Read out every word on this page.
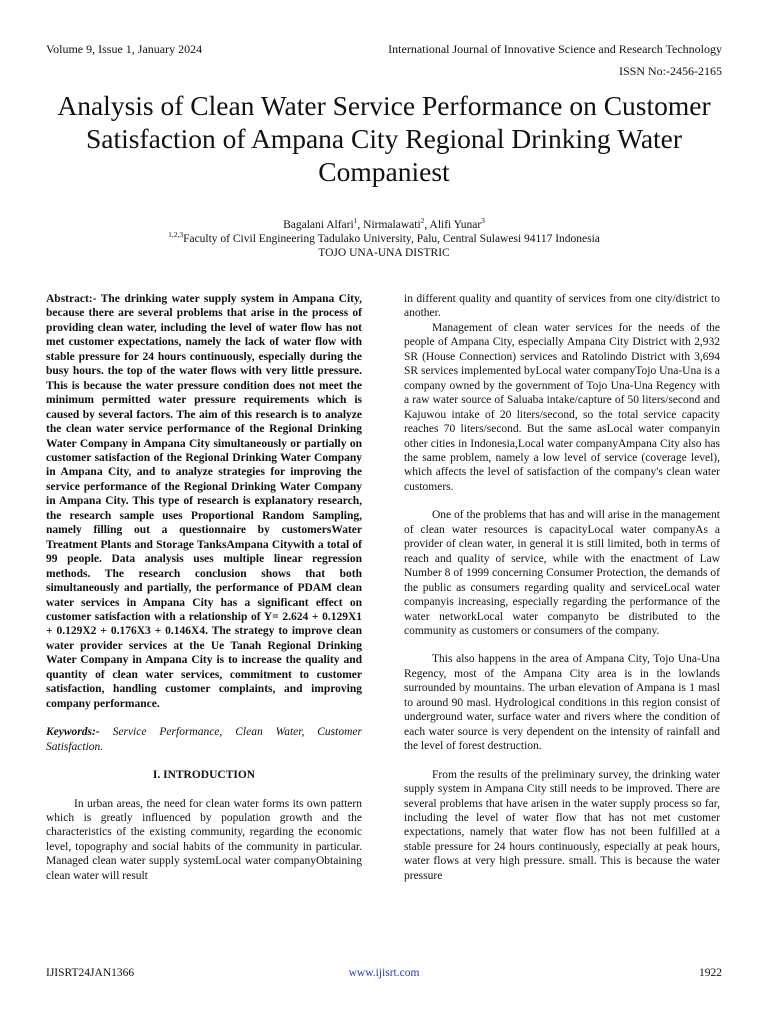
Volume 9, Issue 1, January 2024	International Journal of Innovative Science and Research Technology
ISSN No:-2456-2165
Analysis of Clean Water Service Performance on Customer Satisfaction of Ampana City Regional Drinking Water Companiest
Bagalani Alfari$^1$, Nirmalawati$^2$, Alifi Yunar$^3$
$^{1,2,3}$Faculty of Civil Engineering Tadulako University, Palu, Central Sulawesi 94117 Indonesia
TOJO UNA-UNA DISTRIC

Abstract:- The drinking water supply system in Ampana City, because there are several problems that arise in the process of providing clean water, including the level of water flow has not met customer expectations, namely the lack of water flow with stable pressure for 24 hours continuously, especially during the busy hours. the top of the water flows with very little pressure. This is because the water pressure condition does not meet the minimum permitted water pressure requirements which is caused by several factors. The aim of this research is to analyze the clean water service performance of the Regional Drinking Water Company in Ampana City simultaneously or partially on customer satisfaction of the Regional Drinking Water Company in Ampana City, and to analyze strategies for improving the service performance of the Regional Drinking Water Company in Ampana City. This type of research is explanatory research, the research sample uses Proportional Random Sampling, namely filling out a questionnaire by customersWater Treatment Plants and Storage TanksAmpana Citywith a total of 99 people. Data analysis uses multiple linear regression methods. The research conclusion shows that both simultaneously and partially, the performance of PDAM clean water services in Ampana City has a significant effect on customer satisfaction with a relationship of Y= 2.624 + 0.129X1 + 0.129X2 + 0.176X3 + 0.146X4. The strategy to improve clean water provider services at the Ue Tanah Regional Drinking Water Company in Ampana City is to increase the quality and quantity of clean water services, commitment to customer satisfaction, handling customer complaints, and improving company performance.

Keywords:- Service Performance, Clean Water, Customer Satisfaction.

I. INTRODUCTION

In urban areas, the need for clean water forms its own pattern which is greatly influenced by population growth and the characteristics of the existing community, regarding the economic level, topography and social habits of the community in particular. Managed clean water supply systemLocal water companyObtaining clean water will result

in different quality and quantity of services from one city/district to another.

Management of clean water services for the needs of the people of Ampana City, especially Ampana City District with 2,932 SR (House Connection) services and Ratolindo District with 3,694 SR services implemented byLocal water companyTojo Una-Una is a company owned by the government of Tojo Una-Una Regency with a raw water source of Saluaba intake/capture of 50 liters/second and Kajuwou intake of 20 liters/second, so the total service capacity reaches 70 liters/second. But the same asLocal water companyin other cities in Indonesia,Local water companyAmpana City also has the same problem, namely a low level of service (coverage level), which affects the level of satisfaction of the company's clean water customers.

One of the problems that has and will arise in the management of clean water resources is capacityLocal water companyAs a provider of clean water, in general it is still limited, both in terms of reach and quality of service, while with the enactment of Law Number 8 of 1999 concerning Consumer Protection, the demands of the public as consumers regarding quality and serviceLocal water companyis increasing, especially regarding the performance of the water networkLocal water companyto be distributed to the community as customers or consumers of the company.

This also happens in the area of Ampana City, Tojo Una-Una Regency, most of the Ampana City area is in the lowlands surrounded by mountains. The urban elevation of Ampana is 1 masl to around 90 masl. Hydrological conditions in this region consist of underground water, surface water and rivers where the condition of each water source is very dependent on the intensity of rainfall and the level of forest destruction.

From the results of the preliminary survey, the drinking water supply system in Ampana City still needs to be improved. There are several problems that have arisen in the water supply process so far, including the level of water flow that has not met customer expectations, namely that water flow has not been fulfilled at a stable pressure for 24 hours continuously, especially at peak hours, water flows at very high pressure. small. This is because the water pressure

IJISRT24JAN1366	www.ijisrt.com	1922
